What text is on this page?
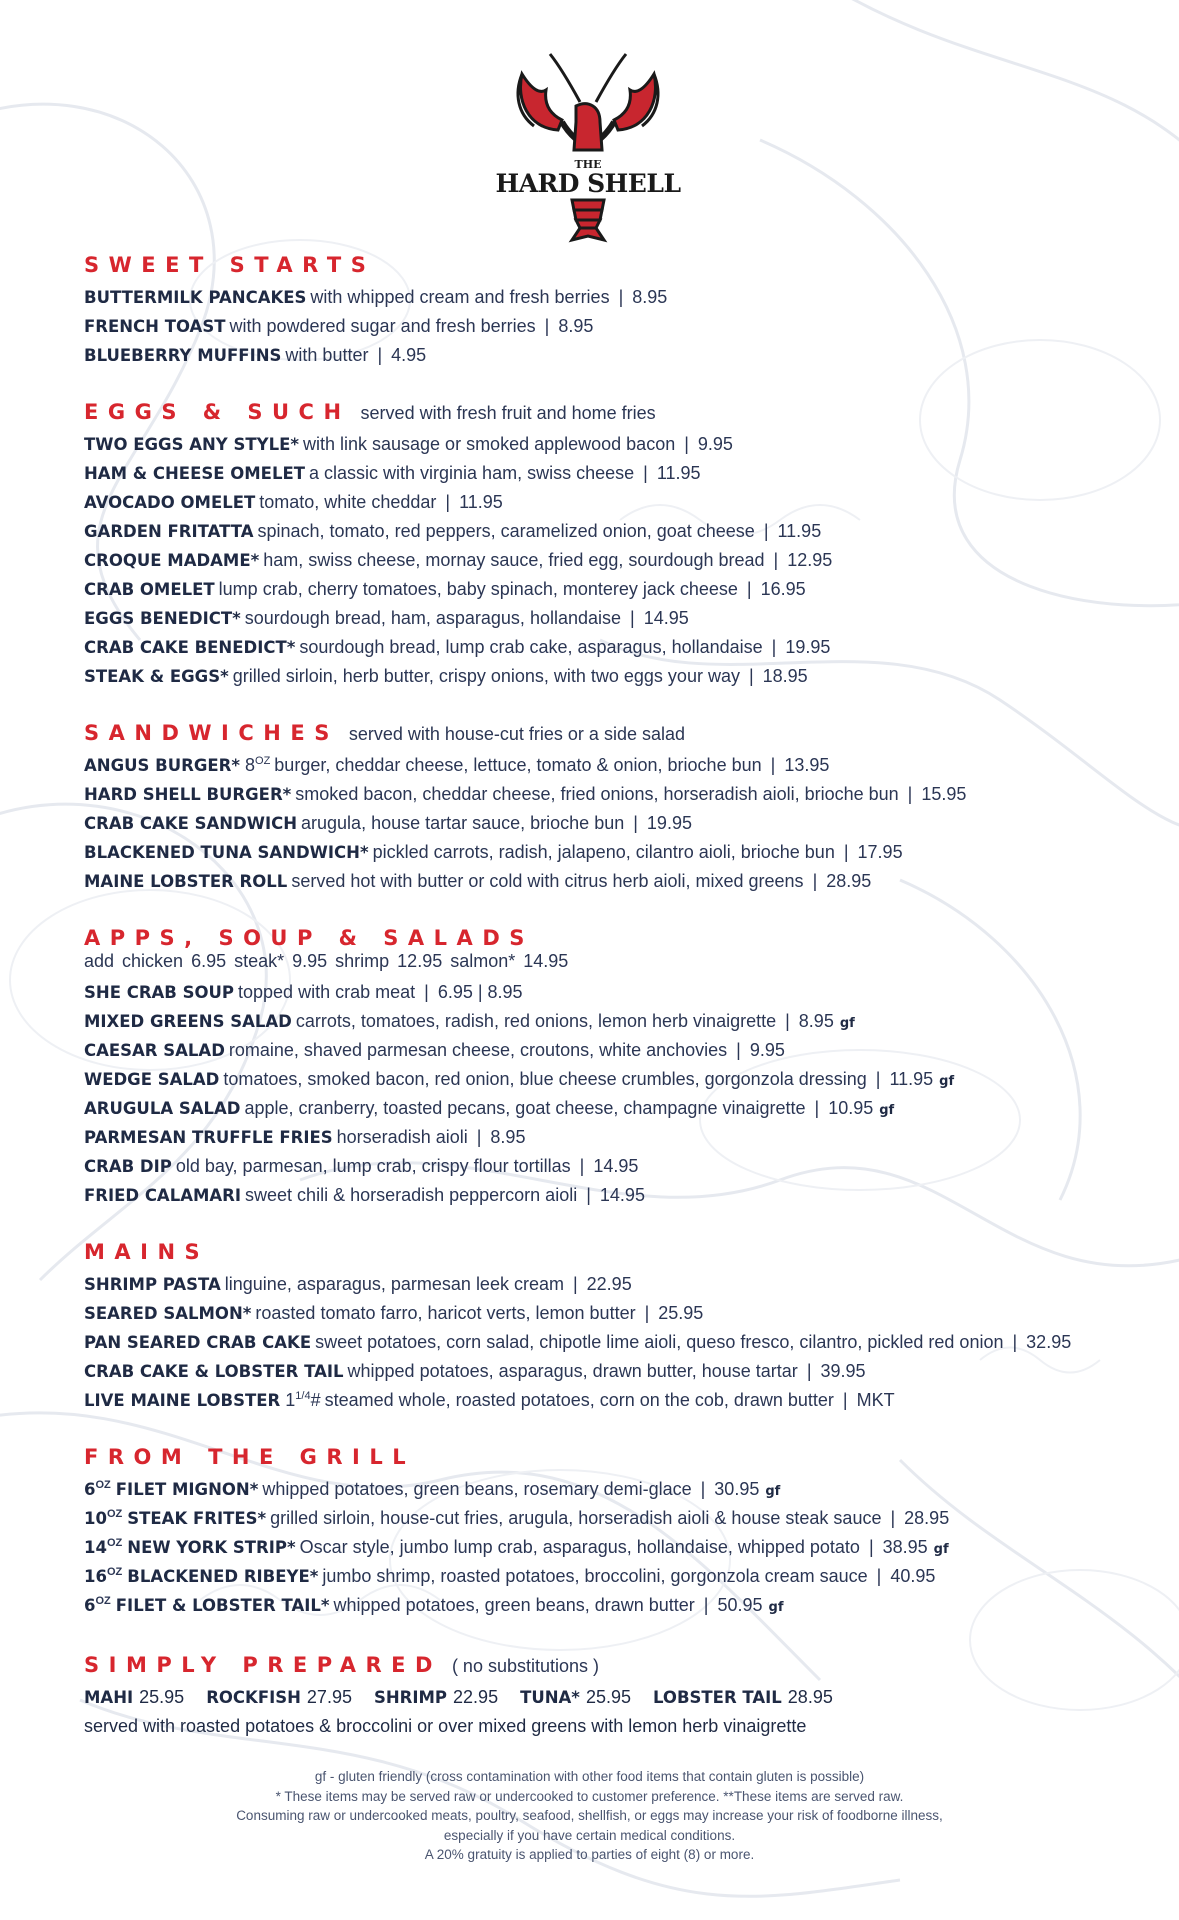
THE
HARD SHELL
SWEET STARTS
BUTTERMILK PANCAKES with whipped cream and fresh berries | 8.95
FRENCH TOAST with powdered sugar and fresh berries | 8.95
BLUEBERRY MUFFINS with butter | 4.95
EGGS & SUCH served with fresh fruit and home fries
TWO EGGS ANY STYLE* with link sausage or smoked applewood bacon | 9.95
HAM & CHEESE OMELET a classic with virginia ham, swiss cheese | 11.95
AVOCADO OMELET tomato, white cheddar | 11.95
GARDEN FRITATTA spinach, tomato, red peppers, caramelized onion, goat cheese | 11.95
CROQUE MADAME* ham, swiss cheese, mornay sauce, fried egg, sourdough bread | 12.95
CRAB OMELET lump crab, cherry tomatoes, baby spinach, monterey jack cheese | 16.95
EGGS BENEDICT* sourdough bread, ham, asparagus, hollandaise | 14.95
CRAB CAKE BENEDICT* sourdough bread, lump crab cake, asparagus, hollandaise | 19.95
STEAK & EGGS* grilled sirloin, herb butter, crispy onions, with two eggs your way | 18.95
SANDWICHES served with house-cut fries or a side salad
ANGUS BURGER* $8^{OZ}$ burger, cheddar cheese, lettuce, tomato & onion, brioche bun | 13.95
HARD SHELL BURGER* smoked bacon, cheddar cheese, fried onions, horseradish aioli, brioche bun | 15.95
CRAB CAKE SANDWICH arugula, house tartar sauce, brioche bun | 19.95
BLACKENED TUNA SANDWICH* pickled carrots, radish, jalapeno, cilantro aioli, brioche bun | 17.95
MAINE LOBSTER ROLL served hot with butter or cold with citrus herb aioli, mixed greens | 28.95
APPS, SOUP & SALADS
add chicken 6.95 steak* 9.95 shrimp 12.95 salmon* 14.95
SHE CRAB SOUP topped with crab meat | 6.95 | 8.95
MIXED GREENS SALAD carrots, tomatoes, radish, red onions, lemon herb vinaigrette | 8.95 gf
CAESAR SALAD romaine, shaved parmesan cheese, croutons, white anchovies | 9.95
WEDGE SALAD tomatoes, smoked bacon, red onion, blue cheese crumbles, gorgonzola dressing | 11.95 gf
ARUGULA SALAD apple, cranberry, toasted pecans, goat cheese, champagne vinaigrette | 10.95 gf
PARMESAN TRUFFLE FRIES horseradish aioli | 8.95
CRAB DIP old bay, parmesan, lump crab, crispy flour tortillas | 14.95
FRIED CALAMARI sweet chili & horseradish peppercorn aioli | 14.95
MAINS
SHRIMP PASTA linguine, asparagus, parmesan leek cream | 22.95
SEARED SALMON* roasted tomato farro, haricot verts, lemon butter | 25.95
PAN SEARED CRAB CAKE sweet potatoes, corn salad, chipotle lime aioli, queso fresco, cilantro, pickled red onion | 32.95
CRAB CAKE & LOBSTER TAIL whipped potatoes, asparagus, drawn butter, house tartar | 39.95
LIVE MAINE LOBSTER $1^{1/4}\#$ steamed whole, roasted potatoes, corn on the cob, drawn butter | MKT
FROM THE GRILL
$6^{OZ}$ FILET MIGNON* whipped potatoes, green beans, rosemary demi-glace | 30.95 gf
$10^{OZ}$ STEAK FRITES* grilled sirloin, house-cut fries, arugula, horseradish aioli & house steak sauce | 28.95
$14^{OZ}$ NEW YORK STRIP* Oscar style, jumbo lump crab, asparagus, hollandaise, whipped potato | 38.95 gf
$16^{OZ}$ BLACKENED RIBEYE* jumbo shrimp, roasted potatoes, broccolini, gorgonzola cream sauce | 40.95
$6^{OZ}$ FILET & LOBSTER TAIL* whipped potatoes, green beans, drawn butter | 50.95 gf
SIMPLY PREPARED ( no substitutions )
MAHI 25.95 ROCKFISH 27.95 SHRIMP 22.95 TUNA* 25.95 LOBSTER TAIL 28.95
served with roasted potatoes & broccolini or over mixed greens with lemon herb vinaigrette
gf - gluten friendly (cross contamination with other food items that contain gluten is possible)
* These items may be served raw or undercooked to customer preference. **These items are served raw.
Consuming raw or undercooked meats, poultry, seafood, shellfish, or eggs may increase your risk of foodborne illness,
especially if you have certain medical conditions.
A 20% gratuity is applied to parties of eight (8) or more.
